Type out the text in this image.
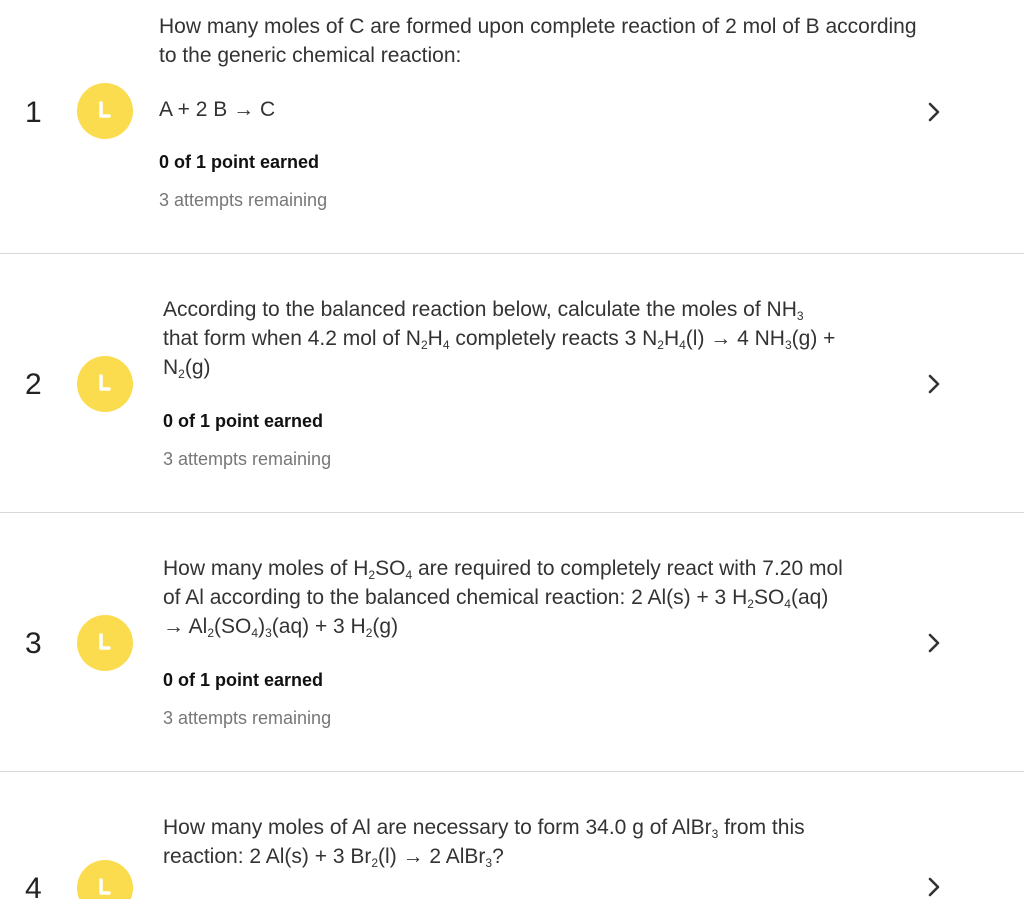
1

How many moles of C are formed upon complete reaction of 2 mol of B according to the generic chemical reaction:

A + 2 B → C

0 of 1 point earned
3 attempts remaining
2

According to the balanced reaction below, calculate the moles of $NH_3$
that form when 4.2 mol of $N_2H_4$ completely reacts 3 $N_2H_4(l) \to 4$ $NH_3(g)$ +
$N_2(g)$

0 of 1 point earned
3 attempts remaining
3

How many moles of $H_2SO_4$ are required to completely react with 7.20 mol
of Al according to the balanced chemical reaction: 2 Al(s) + 3 $H_2SO_4(aq)$
→ $Al_2(SO_4)_3(aq) + 3$ $H_2(g)$

0 of 1 point earned
3 attempts remaining
4

How many moles of Al are necessary to form 34.0 g of AlBr$_3$ from this
reaction: 2 Al(s) + 3 $Br_2(l) \to 2$ AlBr$_3$?
